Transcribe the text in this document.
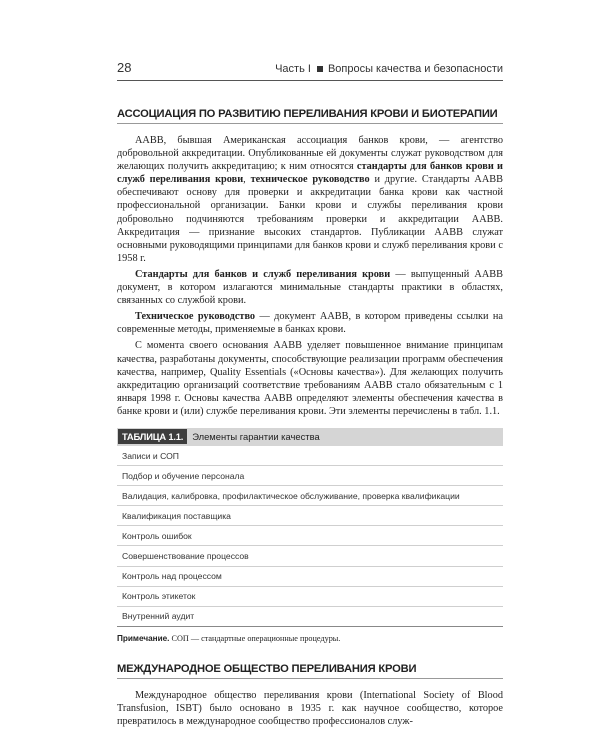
28	Часть I Вопросы качества и безопасности
АССОЦИАЦИЯ ПО РАЗВИТИЮ ПЕРЕЛИВАНИЯ КРОВИ И БИОТЕРАПИИ

AABB, бывшая Американская ассоциация банков крови, — агентство добровольной аккредитации. Опубликованные ей документы служат руководством для желающих получить аккредитацию; к ним относятся стандарты для банков крови и служб переливания крови, техническое руководство и другие. Стандарты AABB обеспечивают основу для проверки и аккредитации банка крови как частной профессиональной организации. Банки крови и службы переливания крови добровольно подчиняются требованиям проверки и аккредитации AABB. Аккредитация — признание высоких стандартов. Публикации AABB служат основными руководящими принципами для банков крови и служб переливания крови с 1958 г.

Стандарты для банков и служб переливания крови — выпущенный AABB документ, в котором излагаются минимальные стандарты практики в областях, связанных со службой крови.

Техническое руководство — документ AABB, в котором приведены ссылки на современные методы, применяемые в банках крови.

С момента своего основания AABB уделяет повышенное внимание принципам качества, разработаны документы, способствующие реализации программ обеспечения качества, например, Quality Essentials («Основы качества»). Для желающих получить аккредитацию организаций соответствие требованиям AABB стало обязательным с 1 января 1998 г. Основы качества AABB определяют элементы обеспечения качества в банке крови и (или) службе переливания крови. Эти элементы перечислены в табл. 1.1.

ТАБЛИЦА 1.1. Элементы гарантии качества
Записи и СОП
Подбор и обучение персонала
Валидация, калибровка, профилактическое обслуживание, проверка квалификации
Квалификация поставщика
Контроль ошибок
Совершенствование процессов
Контроль над процессом
Контроль этикеток
Внутренний аудит
Примечание. СОП — стандартные операционные процедуры.
МЕЖДУНАРОДНОЕ ОБЩЕСТВО ПЕРЕЛИВАНИЯ КРОВИ

Международное общество переливания крови (International Society of Blood Transfusion, ISBT) было основано в 1935 г. как научное сообщество, которое превратилось в международное сообщество профессионалов служ-
